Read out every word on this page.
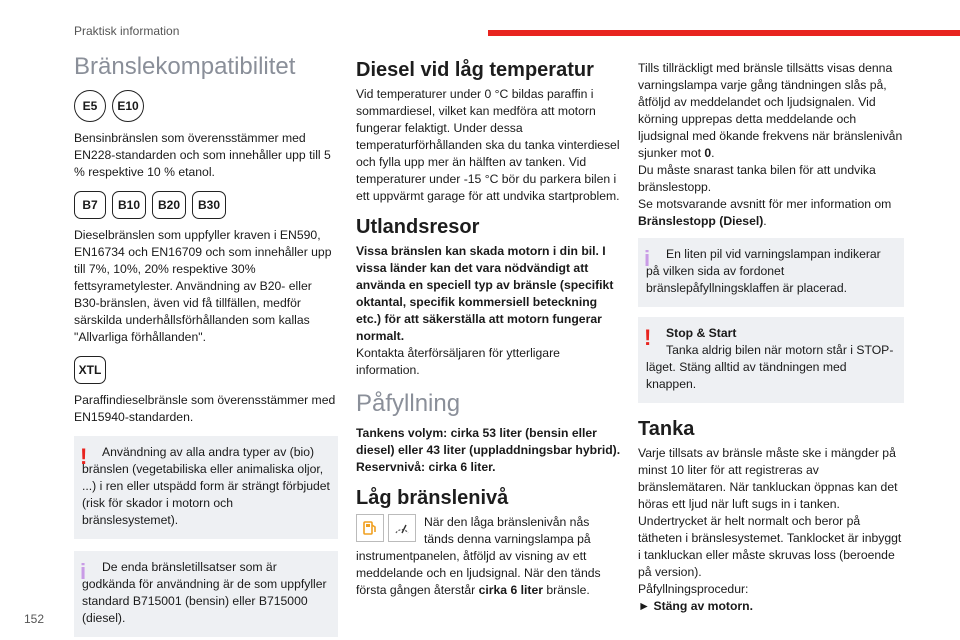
Praktisk information
Bränslekompatibilitet
E5	E10

Bensinbränslen som överensstämmer med EN228-standarden och som innehåller upp till 5 % respektive 10 % etanol.

B7	B10	B20	B30

Dieselbränslen som uppfyller kraven i EN590, EN16734 och EN16709 och som innehåller upp till 7%, 10%, 20% respektive 30% fettsyrametylester. Användning av B20- eller B30-bränslen, även vid få tillfällen, medför särskilda underhållsförhållanden som kallas "Allvarliga förhållanden".

XTL

Paraffindieselbränsle som överensstämmer med EN15940-standarden.

!	Användning av alla andra typer av (bio) bränslen (vegetabiliska eller animaliska oljor, ...) i ren eller utspädd form är strängt förbjudet (risk för skador i motorn och bränslesystemet).

i	De enda bränsletillsatser som är godkända för användning är de som uppfyller standard B715001 (bensin) eller B715000 (diesel).

Diesel vid låg temperatur

Vid temperaturer under 0 °C bildas paraffin i sommardiesel, vilket kan medföra att motorn fungerar felaktigt. Under dessa temperaturförhållanden ska du tanka vinterdiesel och fylla upp mer än hälften av tanken. Vid temperaturer under -15 °C bör du parkera bilen i ett uppvärmt garage för att undvika startproblem.

Utlandsresor

Vissa bränslen kan skada motorn i din bil. I vissa länder kan det vara nödvändigt att använda en speciell typ av bränsle (specifikt oktantal, specifik kommersiell beteckning etc.) för att säkerställa att motorn fungerar normalt.

Kontakta återförsäljaren för ytterligare information.

Påfyllning

Tankens volym: cirka 53 liter (bensin eller diesel) eller 43 liter (uppladdningsbar hybrid). Reservnivå: cirka 6 liter.

Låg bränslenivå

När den låga bränslenivån nås tänds denna varningslampa på instrumentpanelen, åtföljd av visning av ett meddelande och en ljudsignal. När den tänds första gången återstår cirka 6 liter bränsle.

Tills tillräckligt med bränsle tillsätts visas denna varningslampa varje gång tändningen slås på, åtföljd av meddelandet och ljudsignalen. Vid körning upprepas detta meddelande och ljudsignal med ökande frekvens när bränslenivån sjunker mot 0.

Du måste snarast tanka bilen för att undvika bränslestopp.

Se motsvarande avsnitt för mer information om Bränslestopp (Diesel).

i	En liten pil vid varningslampan indikerar på vilken sida av fordonet bränslepåfyllningsklaffen är placerad.

!	Stop & Start

Tanka aldrig bilen när motorn står i STOP-läget. Stäng alltid av tändningen med knappen.

Tanka

Varje tillsats av bränsle måste ske i mängder på minst 10 liter för att registreras av bränslemätaren. När tankluckan öppnas kan det höras ett ljud när luft sugs in i tanken. Undertrycket är helt normalt och beror på tätheten i bränslesystemet. Tanklocket är inbyggt i tankluckan eller måste skruvas loss (beroende på version).

Påfyllningsprocedur:

► Stäng av motorn.

152
